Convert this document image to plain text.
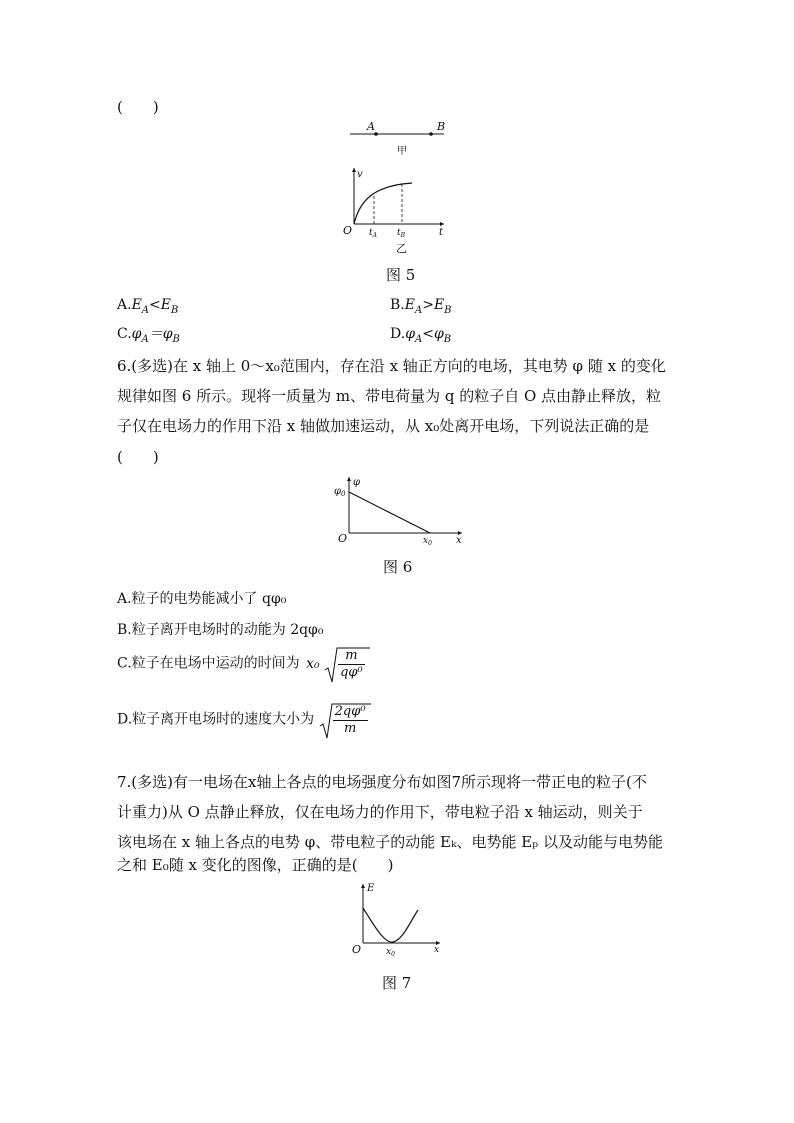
(　　)
A	B
甲
v
t
O $t_A$ $t_B$
乙
图 5
$A.E_A<E_B$	$B.E_A>E_B$
$C.\varphi_A=\varphi_B$	$D.\varphi_A<\varphi_B$
6.(多选)在 x 轴上 0～x₀范围内，存在沿 x 轴正方向的电场，其电势 φ 随 x 的变化
规律如图 6 所示。现将一质量为 m、带电荷量为 q 的粒子自 O 点由静止释放，粒
子仅在电场力的作用下沿 x 轴做加速运动，从 x₀处离开电场，下列说法正确的是
(　　)
φ
x
O
$\varphi_0$
$x_0$
图 6
A.粒子的电势能减小了 qφ₀
B.粒子离开电场时的动能为 2qφ₀
C.粒子在电场中运动的时间为 $x_0 \frac{m}{\text{qφ⁰}}$
D.粒子离开电场时的速度大小为 $\frac{\text{2qφ⁰}}{m}$
7.(多选)有一电场在x轴上各点的电场强度分布如图7所示现将一带正电的粒子(不
计重力)从 O 点静止释放，仅在电场力的作用下，带电粒子沿 x 轴运动，则关于
该电场在 x 轴上各点的电势 φ、带电粒子的动能 Eₖ、电势能 Eₚ 以及动能与电势能
之和 E₀随 x 变化的图像，正确的是(　　)
E
x
O	$x_0$
图 7
